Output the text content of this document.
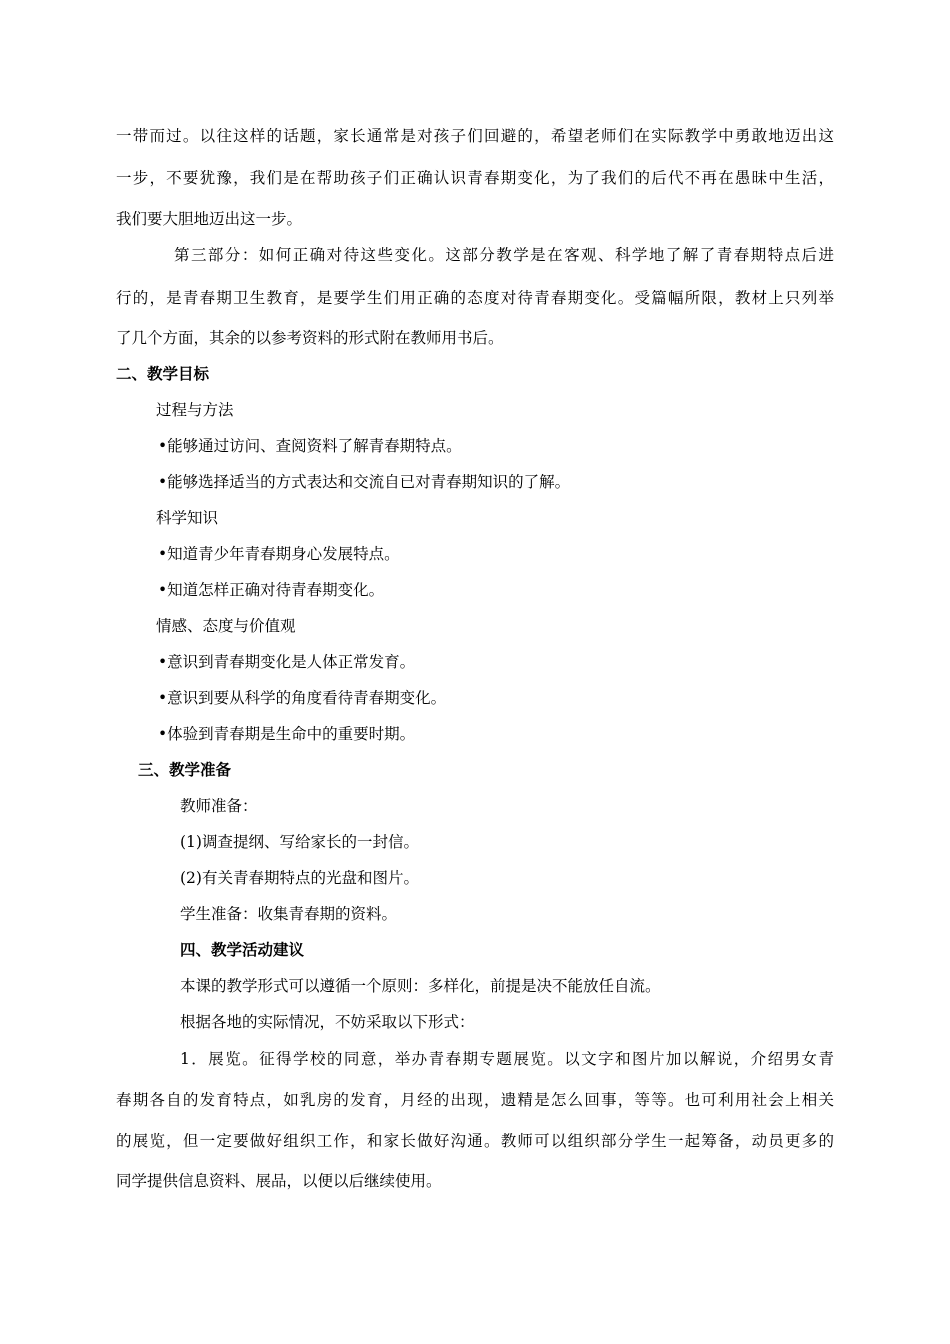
一带而过。以往这样的话题，家长通常是对孩子们回避的，希望老师们在实际教学中勇敢地迈出这
一步，不要犹豫，我们是在帮助孩子们正确认识青春期变化，为了我们的后代不再在愚昧中生活，
我们要大胆地迈出这一步。
第三部分：如何正确对待这些变化。这部分教学是在客观、科学地了解了青春期特点后进
行的，是青春期卫生教育，是要学生们用正确的态度对待青春期变化。受篇幅所限，教材上只列举
了几个方面，其余的以参考资料的形式附在教师用书后。
二、教学目标
过程与方法
•能够通过访问、查阅资料了解青春期特点。
•能够选择适当的方式表达和交流自已对青春期知识的了解。
科学知识
•知道青少年青春期身心发展特点。
•知道怎样正确对待青春期变化。
情感、态度与价值观
•意识到青春期变化是人体正常发育。
•意识到要从科学的角度看待青春期变化。
•体验到青春期是生命中的重要时期。
三、教学准备
教师准备：
(1)调查提纲、写给家长的一封信。
(2)有关青春期特点的光盘和图片。
学生准备：收集青春期的资料。
四、教学活动建议
本课的教学形式可以遵循一个原则：多样化，前提是决不能放任自流。
根据各地的实际情况，不妨采取以下形式：
1．展览。征得学校的同意，举办青春期专题展览。以文字和图片加以解说，介绍男女青
春期各自的发育特点，如乳房的发育，月经的出现，遗精是怎么回事，等等。也可利用社会上相关
的展览，但一定要做好组织工作，和家长做好沟通。教师可以组织部分学生一起筹备，动员更多的
同学提供信息资料、展品，以便以后继续使用。
